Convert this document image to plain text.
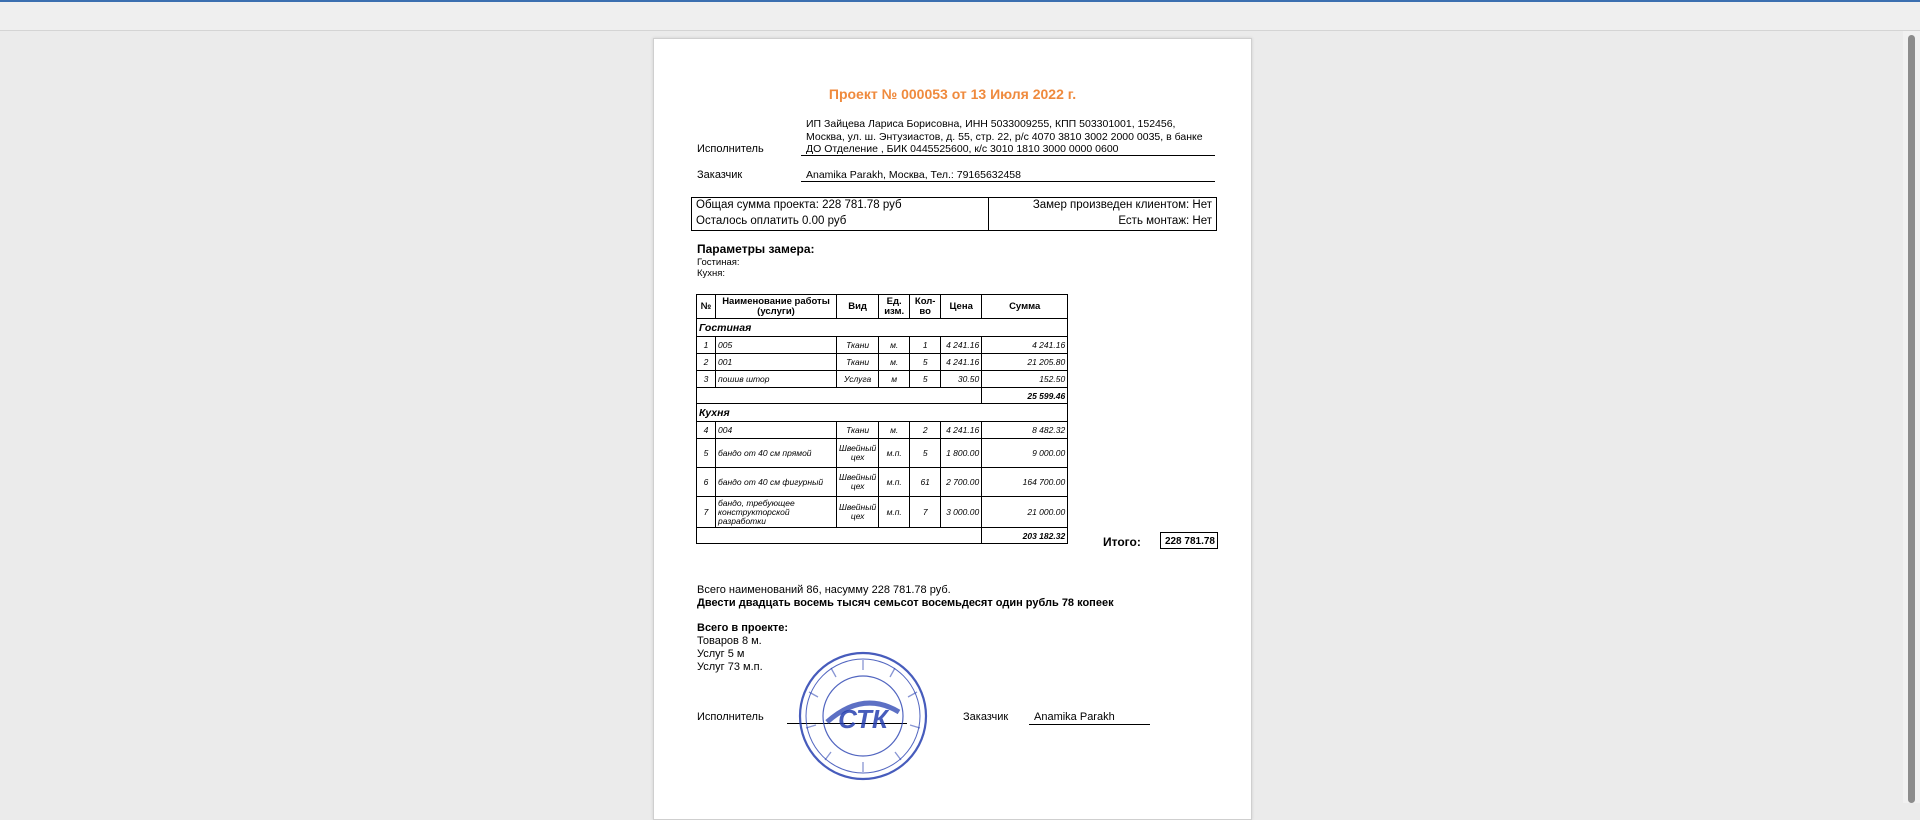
Проект № 000053 от 13 Июля 2022 г.
Исполнитель
ИП Зайцева Лариса Борисовна, ИНН 5033009255, КПП 503301001, 152456, Москва, ул. ш. Энтузиастов, д. 55, стр. 22, р/с 4070 3810 3002 2000 0035, в банке ДО Отделение , БИК 0445525600, к/с 3010 1810 3000 0000 0600
Заказчик	Anamika Parakh, Москва, Тел.: 79165632458
Общая сумма проекта: 228 781.78 руб
Осталось оплатить 0.00 руб
Замер произведен клиентом: Нет
Есть монтаж: Нет
Параметры замера:
Гостиная:
Кухня:
№	Наименование работы (услуги)	Вид	Ед. изм.	Кол-во	Цена	Сумма
Гостиная						
1	005	Ткани	м.	1	4 241.16	4 241.16
2	001	Ткани	м.	5	4 241.16	21 205.80
3	пошив штор	Услуга	м	5	30.50	152.50
						25 599.46
Кухня						
4	004	Ткани	м.	2	4 241.16	8 482.32
5	бандо от 40 см прямой	Швейный цех	м.п.	5	1 800.00	9 000.00
6	бандо от 40 см фигурный	Швейный цех	м.п.	61	2 700.00	164 700.00
7	бандо, требующее конструкторской разработки	Швейный цех	м.п.	7	3 000.00	21 000.00
						203 182.32	Итого:	228 781.78
Всего наименований 86, насумму 228 781.78 руб.
Двести двадцать восемь тысяч семьсот восемьдесят один рубль 78 копеек
Всего в проекте:
Товаров 8 м.
Услуг 5 м
Услуг 73 м.п.
Исполнитель	Заказчик Anamika Parakh
СТК
